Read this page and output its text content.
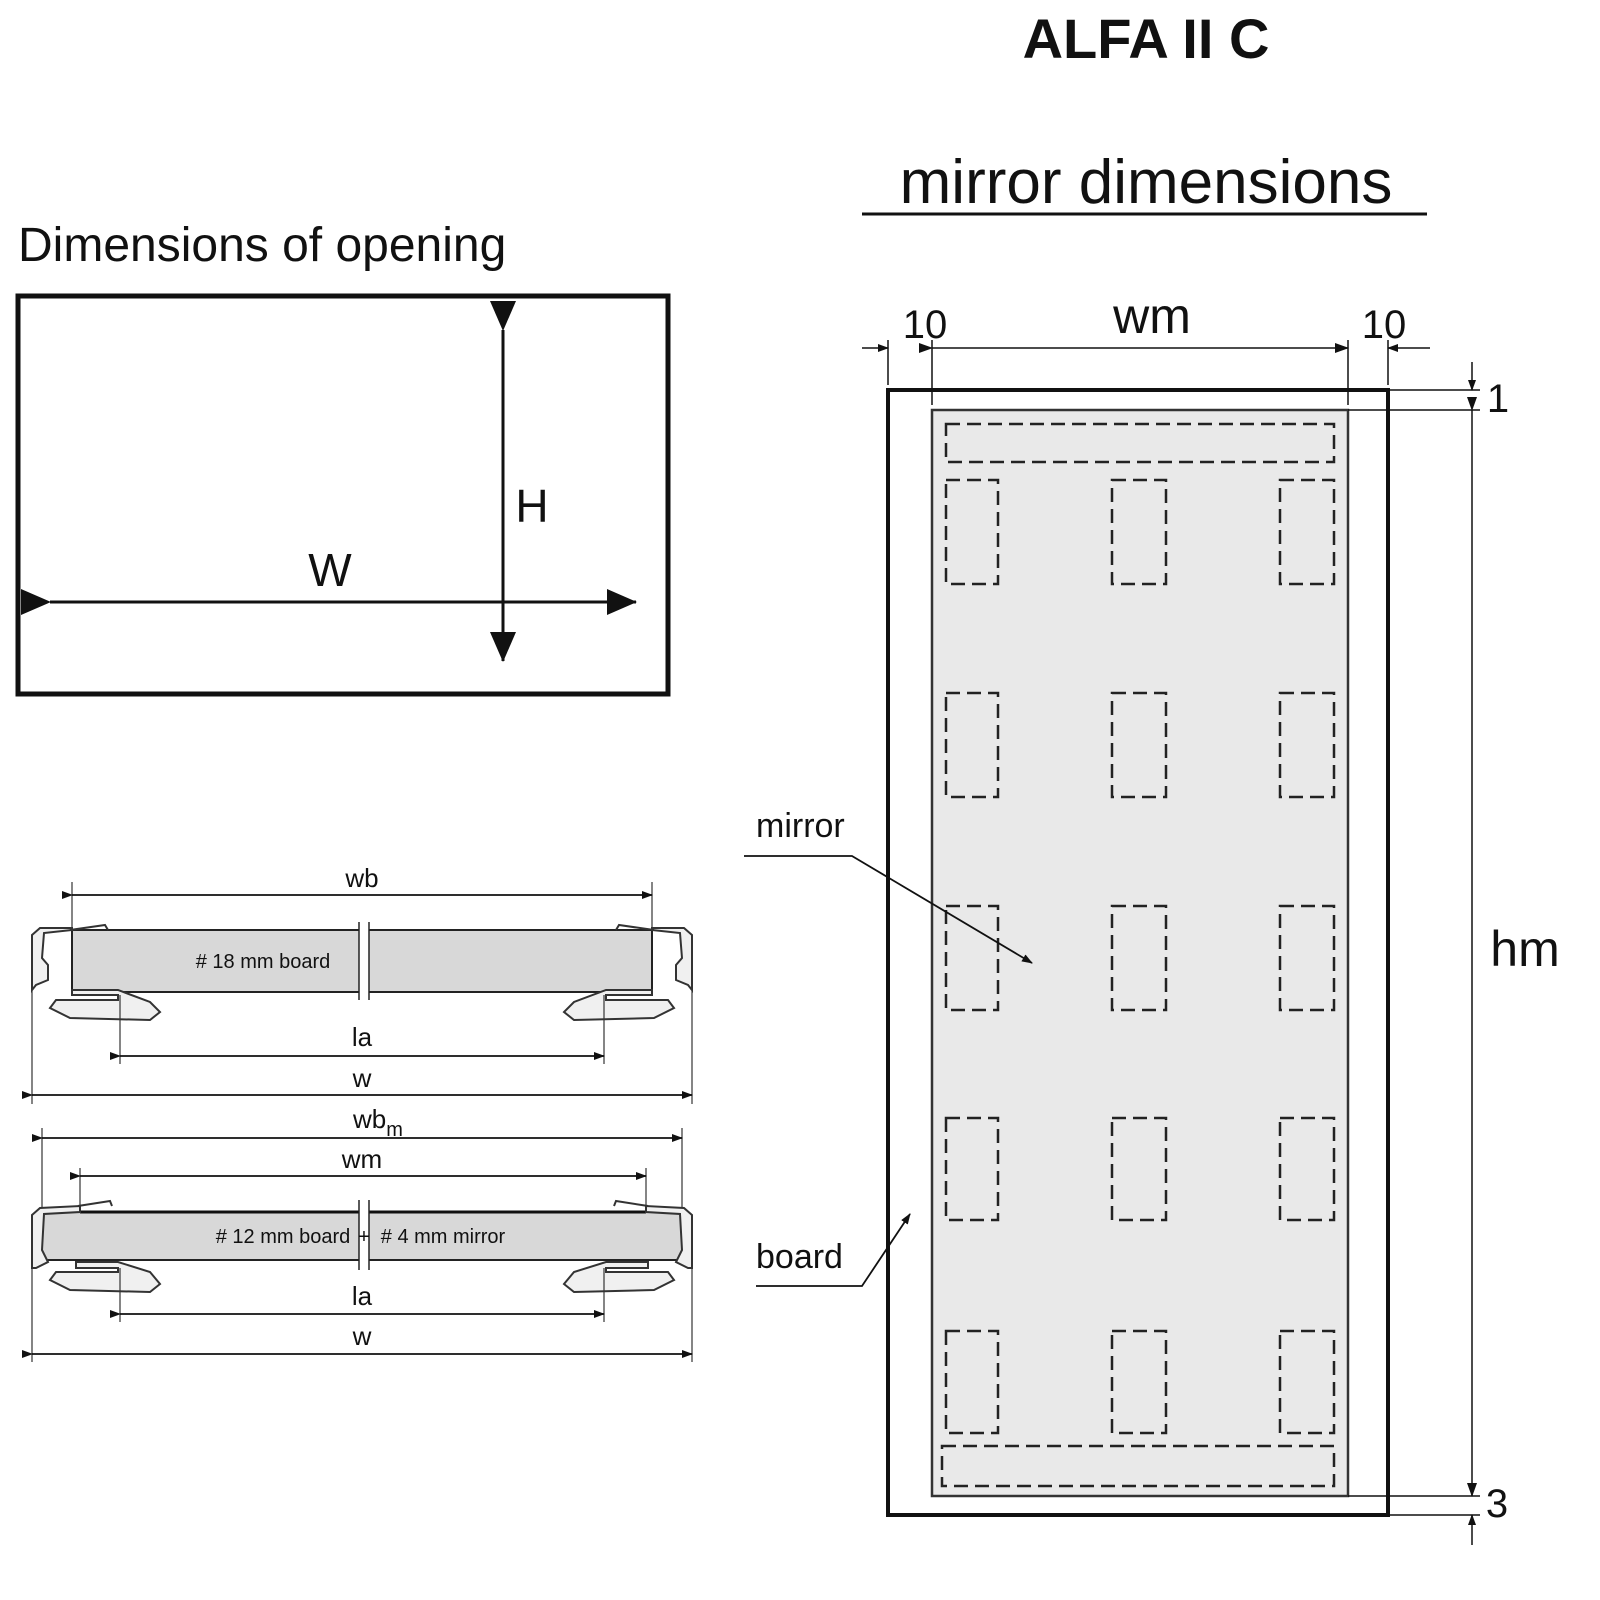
ALFA II C
Dimensions of opening
W
H
mirror dimensions
10	wm	10
1
hm
3
mirror
board
wb
# 18 mm board
la
w
$wb_m$
wm
# 12 mm board + # 4 mm mirror
la
w
